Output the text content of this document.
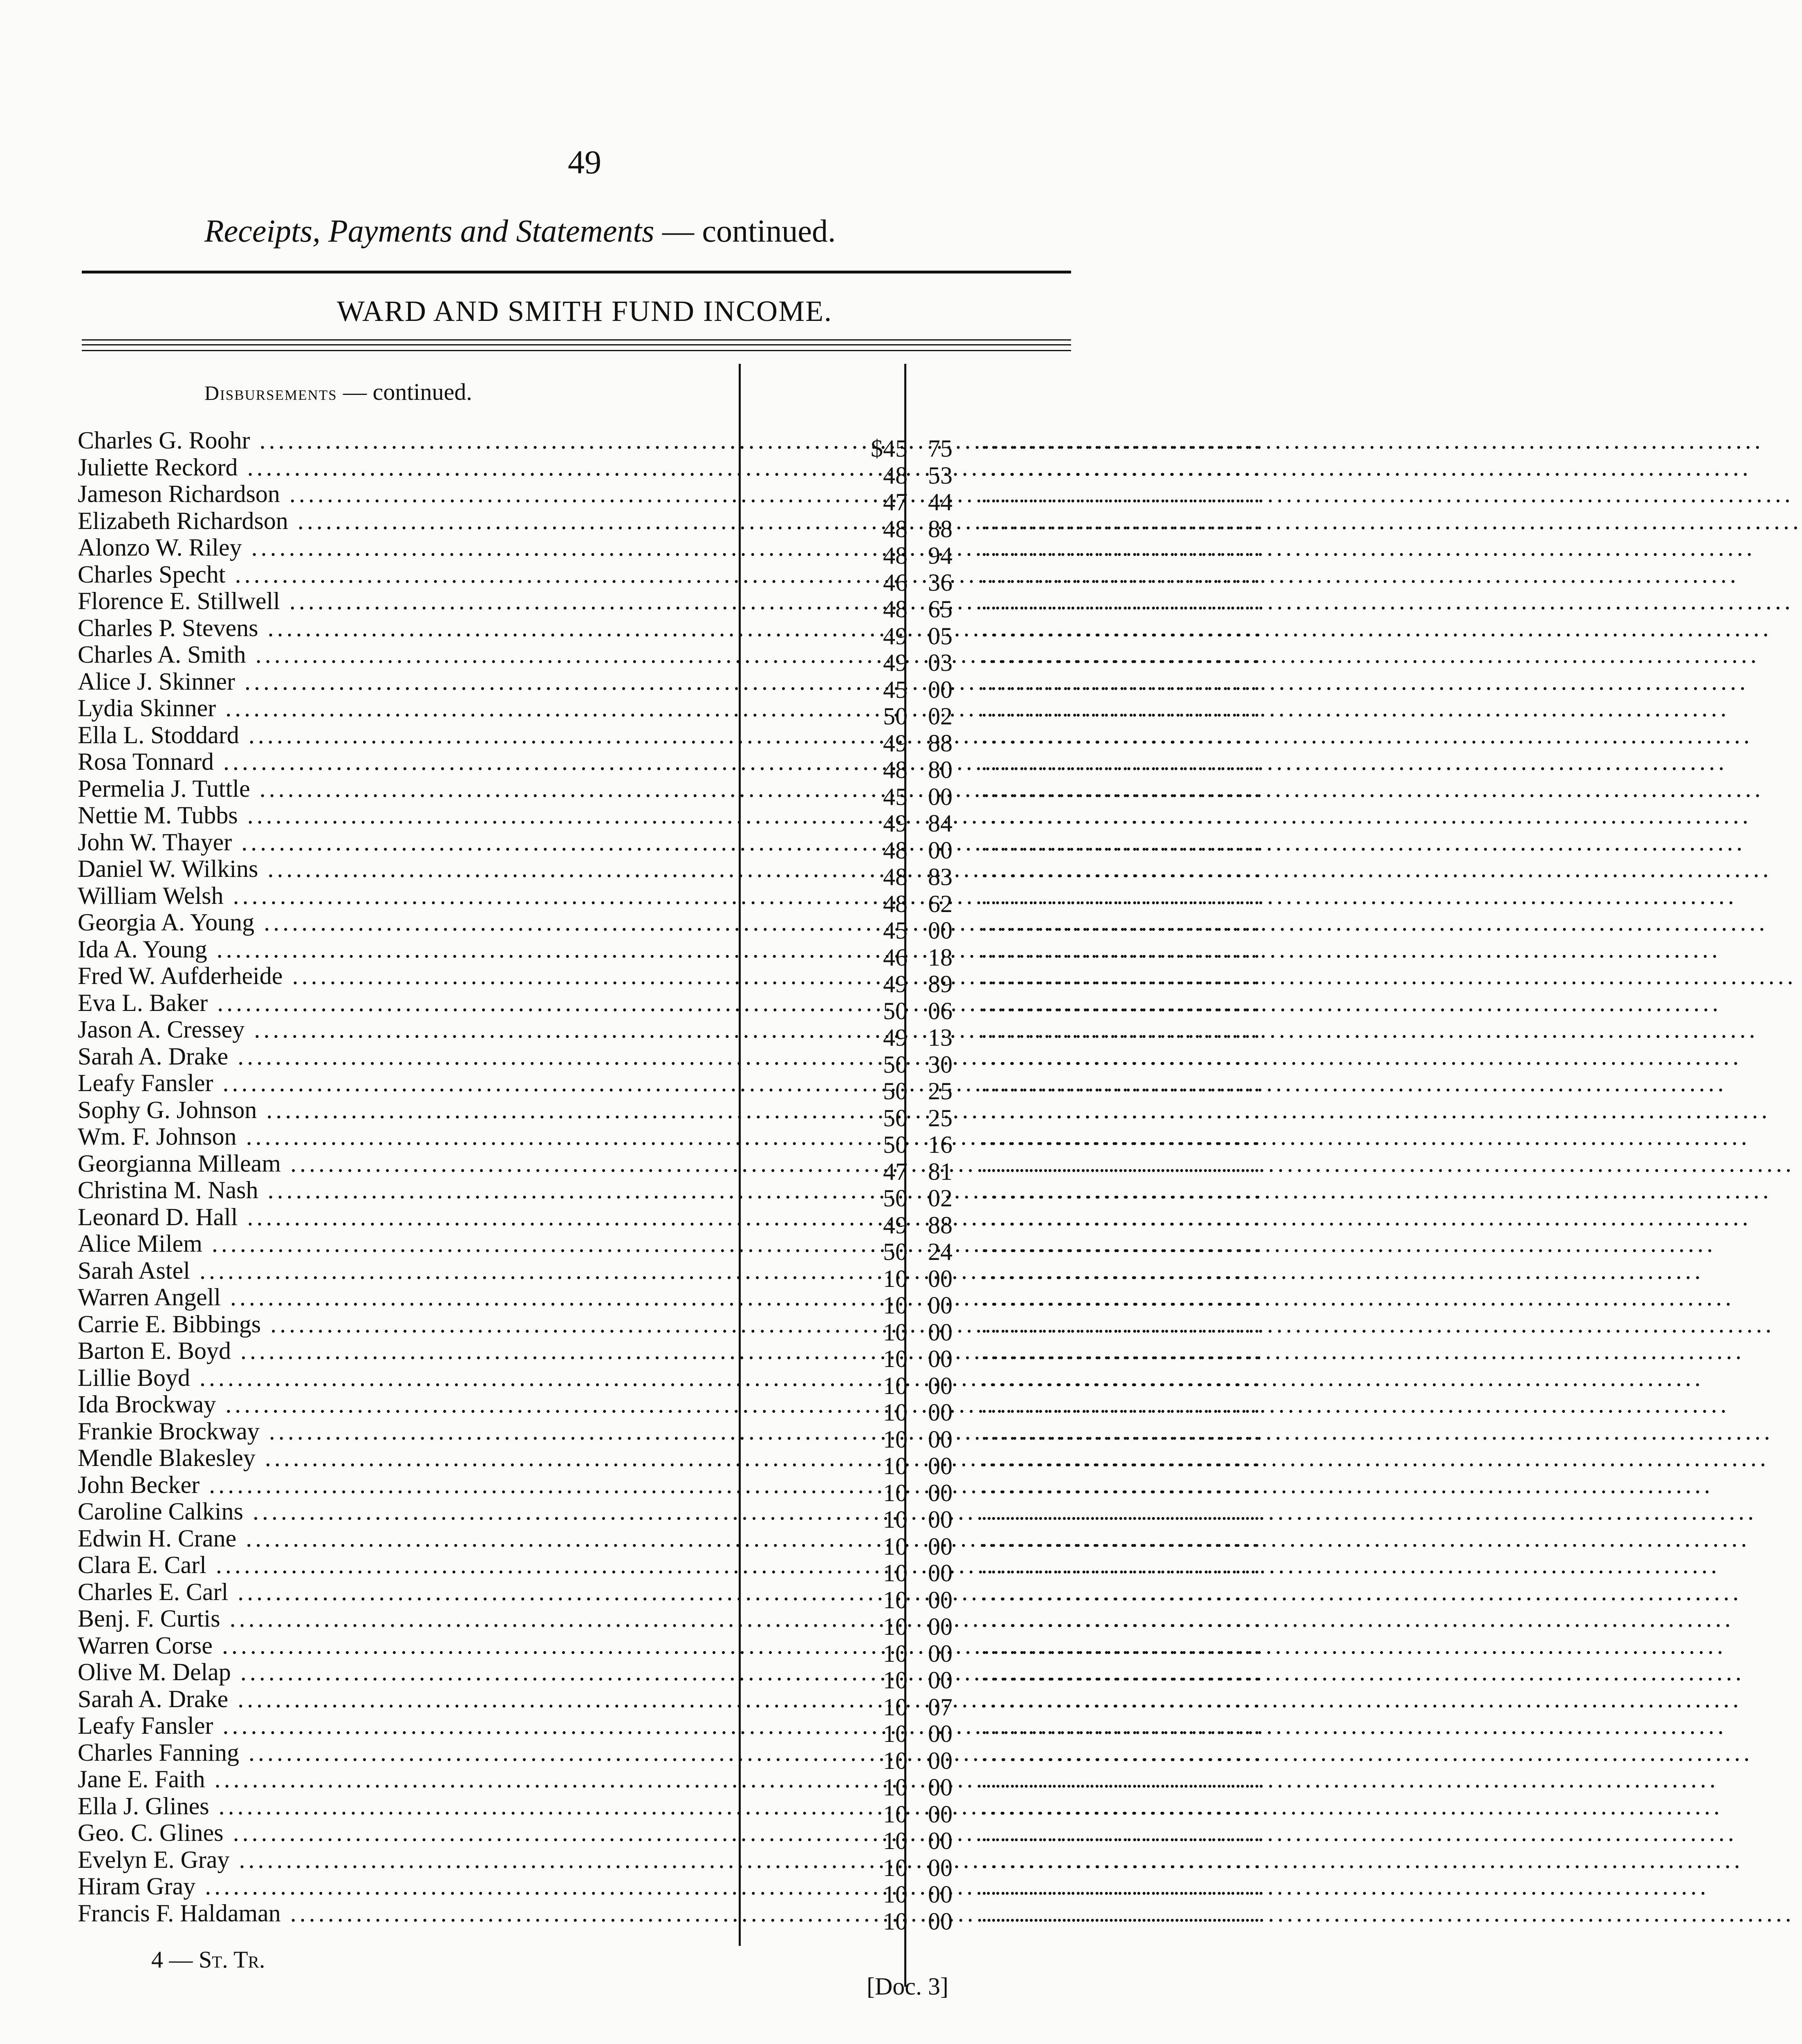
49
Receipts, Payments and Statements — continued.
WARD AND SMITH FUND INCOME.
Disbursements — continued.
Charles G. Roohr .....	$45 75 ..............................
Juliette Reckord .....	48 53 ..............................
Jameson Richardson .....	47 44 ..............................
Elizabeth Richardson .....	48 88 ..............................
Alonzo W. Riley .....	48 94 ..............................
Charles Specht .....	46 36 ..............................
Florence E. Stillwell .....	48 65 ..............................
Charles P. Stevens .....	49 05 ..............................
Charles A. Smith .....	49 03 ..............................
Alice J. Skinner .....	45 00 ..............................
Lydia Skinner .....	50 02 ..............................
Ella L. Stoddard .....	49 88 ..............................
Rosa Tonnard .....	48 80 ..............................
Permelia J. Tuttle .....	45 00 ..............................
Nettie M. Tubbs .....	49 84 ..............................
John W. Thayer .....	48 00 ..............................
Daniel W. Wilkins .....	48 83 ..............................
William Welsh .....	48 62 ..............................
Georgia A. Young .....	45 00 ..............................
Ida A. Young .....	46 18 ..............................
Fred W. Aufderheide .....	49 89 ..............................
Eva L. Baker .....	50 06 ..............................
Jason A. Cressey .....	49 13 ..............................
Sarah A. Drake .....	50 30 ..............................
Leafy Fansler .....	50 25 ..............................
Sophy G. Johnson .....	50 25 ..............................
Wm. F. Johnson .....	50 16 ..............................
Georgianna Milleam .....	47 81 ..............................
Christina M. Nash .....	50 02 ..............................
Leonard D. Hall .....	49 88 ..............................
Alice Milem .....	50 24 ..............................
Sarah Astel .....	10 00 ..............................
Warren Angell .....	10 00 ..............................
Carrie E. Bibbings .....	10 00 ..............................
Barton E. Boyd .....	10 00 ..............................
Lillie Boyd .....	10 00 ..............................
Ida Brockway .....	10 00 ..............................
Frankie Brockway .....	10 00 ..............................
Mendle Blakesley .....	10 00 ..............................
John Becker .....	10 00 ..............................
Caroline Calkins .....	10 00 ..............................
Edwin H. Crane .....	10 00 ..............................
Clara E. Carl .....	10 00 ..............................
Charles E. Carl .....	10 00 ..............................
Benj. F. Curtis .....	10 00 ..............................
Warren Corse .....	10 00 ..............................
Olive M. Delap .....	10 00 ..............................
Sarah A. Drake .....	10 07 ..............................
Leafy Fansler .....	10 00 ..............................
Charles Fanning .....	10 00 ..............................
Jane E. Faith .....	10 00 ..............................
Ella J. Glines .....	10 00 ..............................
Geo. C. Glines .....	10 00 ..............................
Evelyn E. Gray .....	10 00 ..............................
Hiram Gray .....	10 00 ..............................
Francis F. Haldaman .....	10 00 ..............................
4 — St. Tr.
[Doc. 3]
